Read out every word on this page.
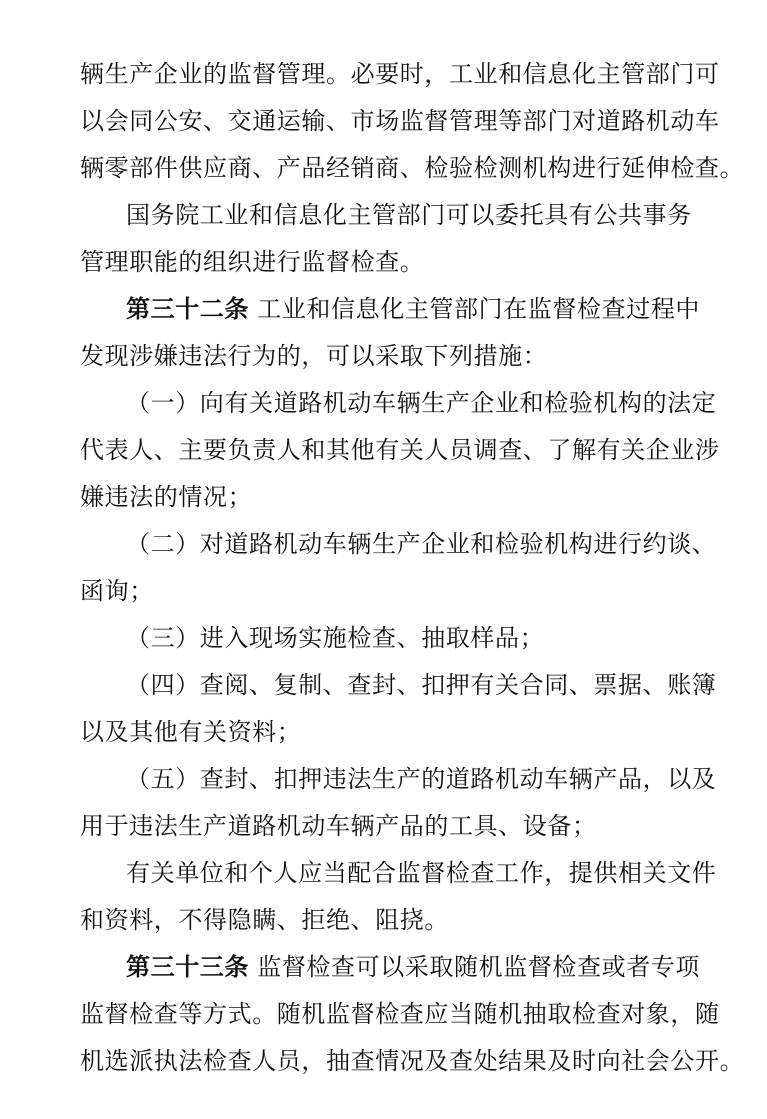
辆生产企业的监督管理。必要时，工业和信息化主管部门可
以会同公安、交通运输、市场监督管理等部门对道路机动车
辆零部件供应商、产品经销商、检验检测机构进行延伸检查。
国务院工业和信息化主管部门可以委托具有公共事务
管理职能的组织进行监督检查。
第三十二条 工业和信息化主管部门在监督检查过程中
发现涉嫌违法行为的，可以采取下列措施：
（一）向有关道路机动车辆生产企业和检验机构的法定
代表人、主要负责人和其他有关人员调查、了解有关企业涉
嫌违法的情况；
（二）对道路机动车辆生产企业和检验机构进行约谈、
函询；
（三）进入现场实施检查、抽取样品；
（四）查阅、复制、查封、扣押有关合同、票据、账簿
以及其他有关资料；
（五）查封、扣押违法生产的道路机动车辆产品，以及
用于违法生产道路机动车辆产品的工具、设备；
有关单位和个人应当配合监督检查工作，提供相关文件
和资料，不得隐瞒、拒绝、阻挠。
第三十三条 监督检查可以采取随机监督检查或者专项
监督检查等方式。随机监督检查应当随机抽取检查对象，随
机选派执法检查人员，抽查情况及查处结果及时向社会公开。
